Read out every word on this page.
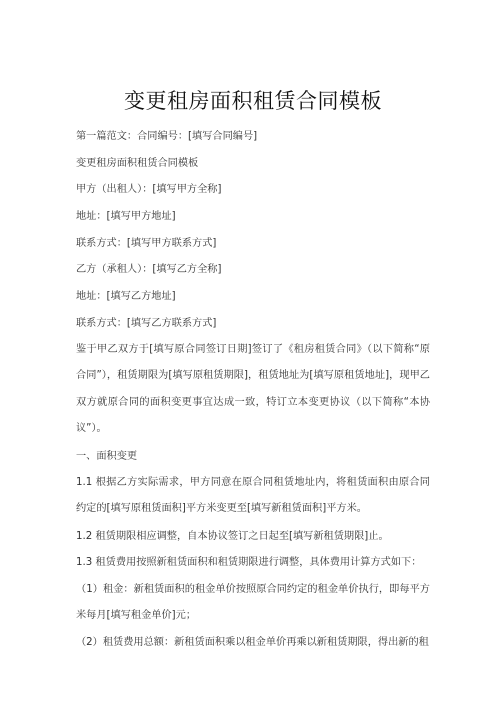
变更租房面积租赁合同模板
第一篇范文：合同编号：[填写合同编号]
变更租房面积租赁合同模板
甲方（出租人）：[填写甲方全称]
地址：[填写甲方地址]
联系方式：[填写甲方联系方式]
乙方（承租人）：[填写乙方全称]
地址：[填写乙方地址]
联系方式：[填写乙方联系方式]

鉴于甲乙双方于[填写原合同签订日期]签订了《租房租赁合同》（以下简称“原合同”），租赁期限为[填写原租赁期限]，租赁地址为[填写原租赁地址]，现甲乙双方就原合同的面积变更事宜达成一致，特订立本变更协议（以下简称“本协议”）。

一、面积变更

1.1 根据乙方实际需求，甲方同意在原合同租赁地址内，将租赁面积由原合同约定的[填写原租赁面积]平方米变更至[填写新租赁面积]平方米。

1.2 租赁期限相应调整，自本协议签订之日起至[填写新租赁期限]止。
1.3 租赁费用按照新租赁面积和租赁期限进行调整，具体费用计算方式如下：

（1）租金：新租赁面积的租金单价按照原合同约定的租金单价执行，即每平方米每月[填写租金单价]元；

（2）租赁费用总额：新租赁面积乘以租金单价再乘以新租赁期限，得出新的租
